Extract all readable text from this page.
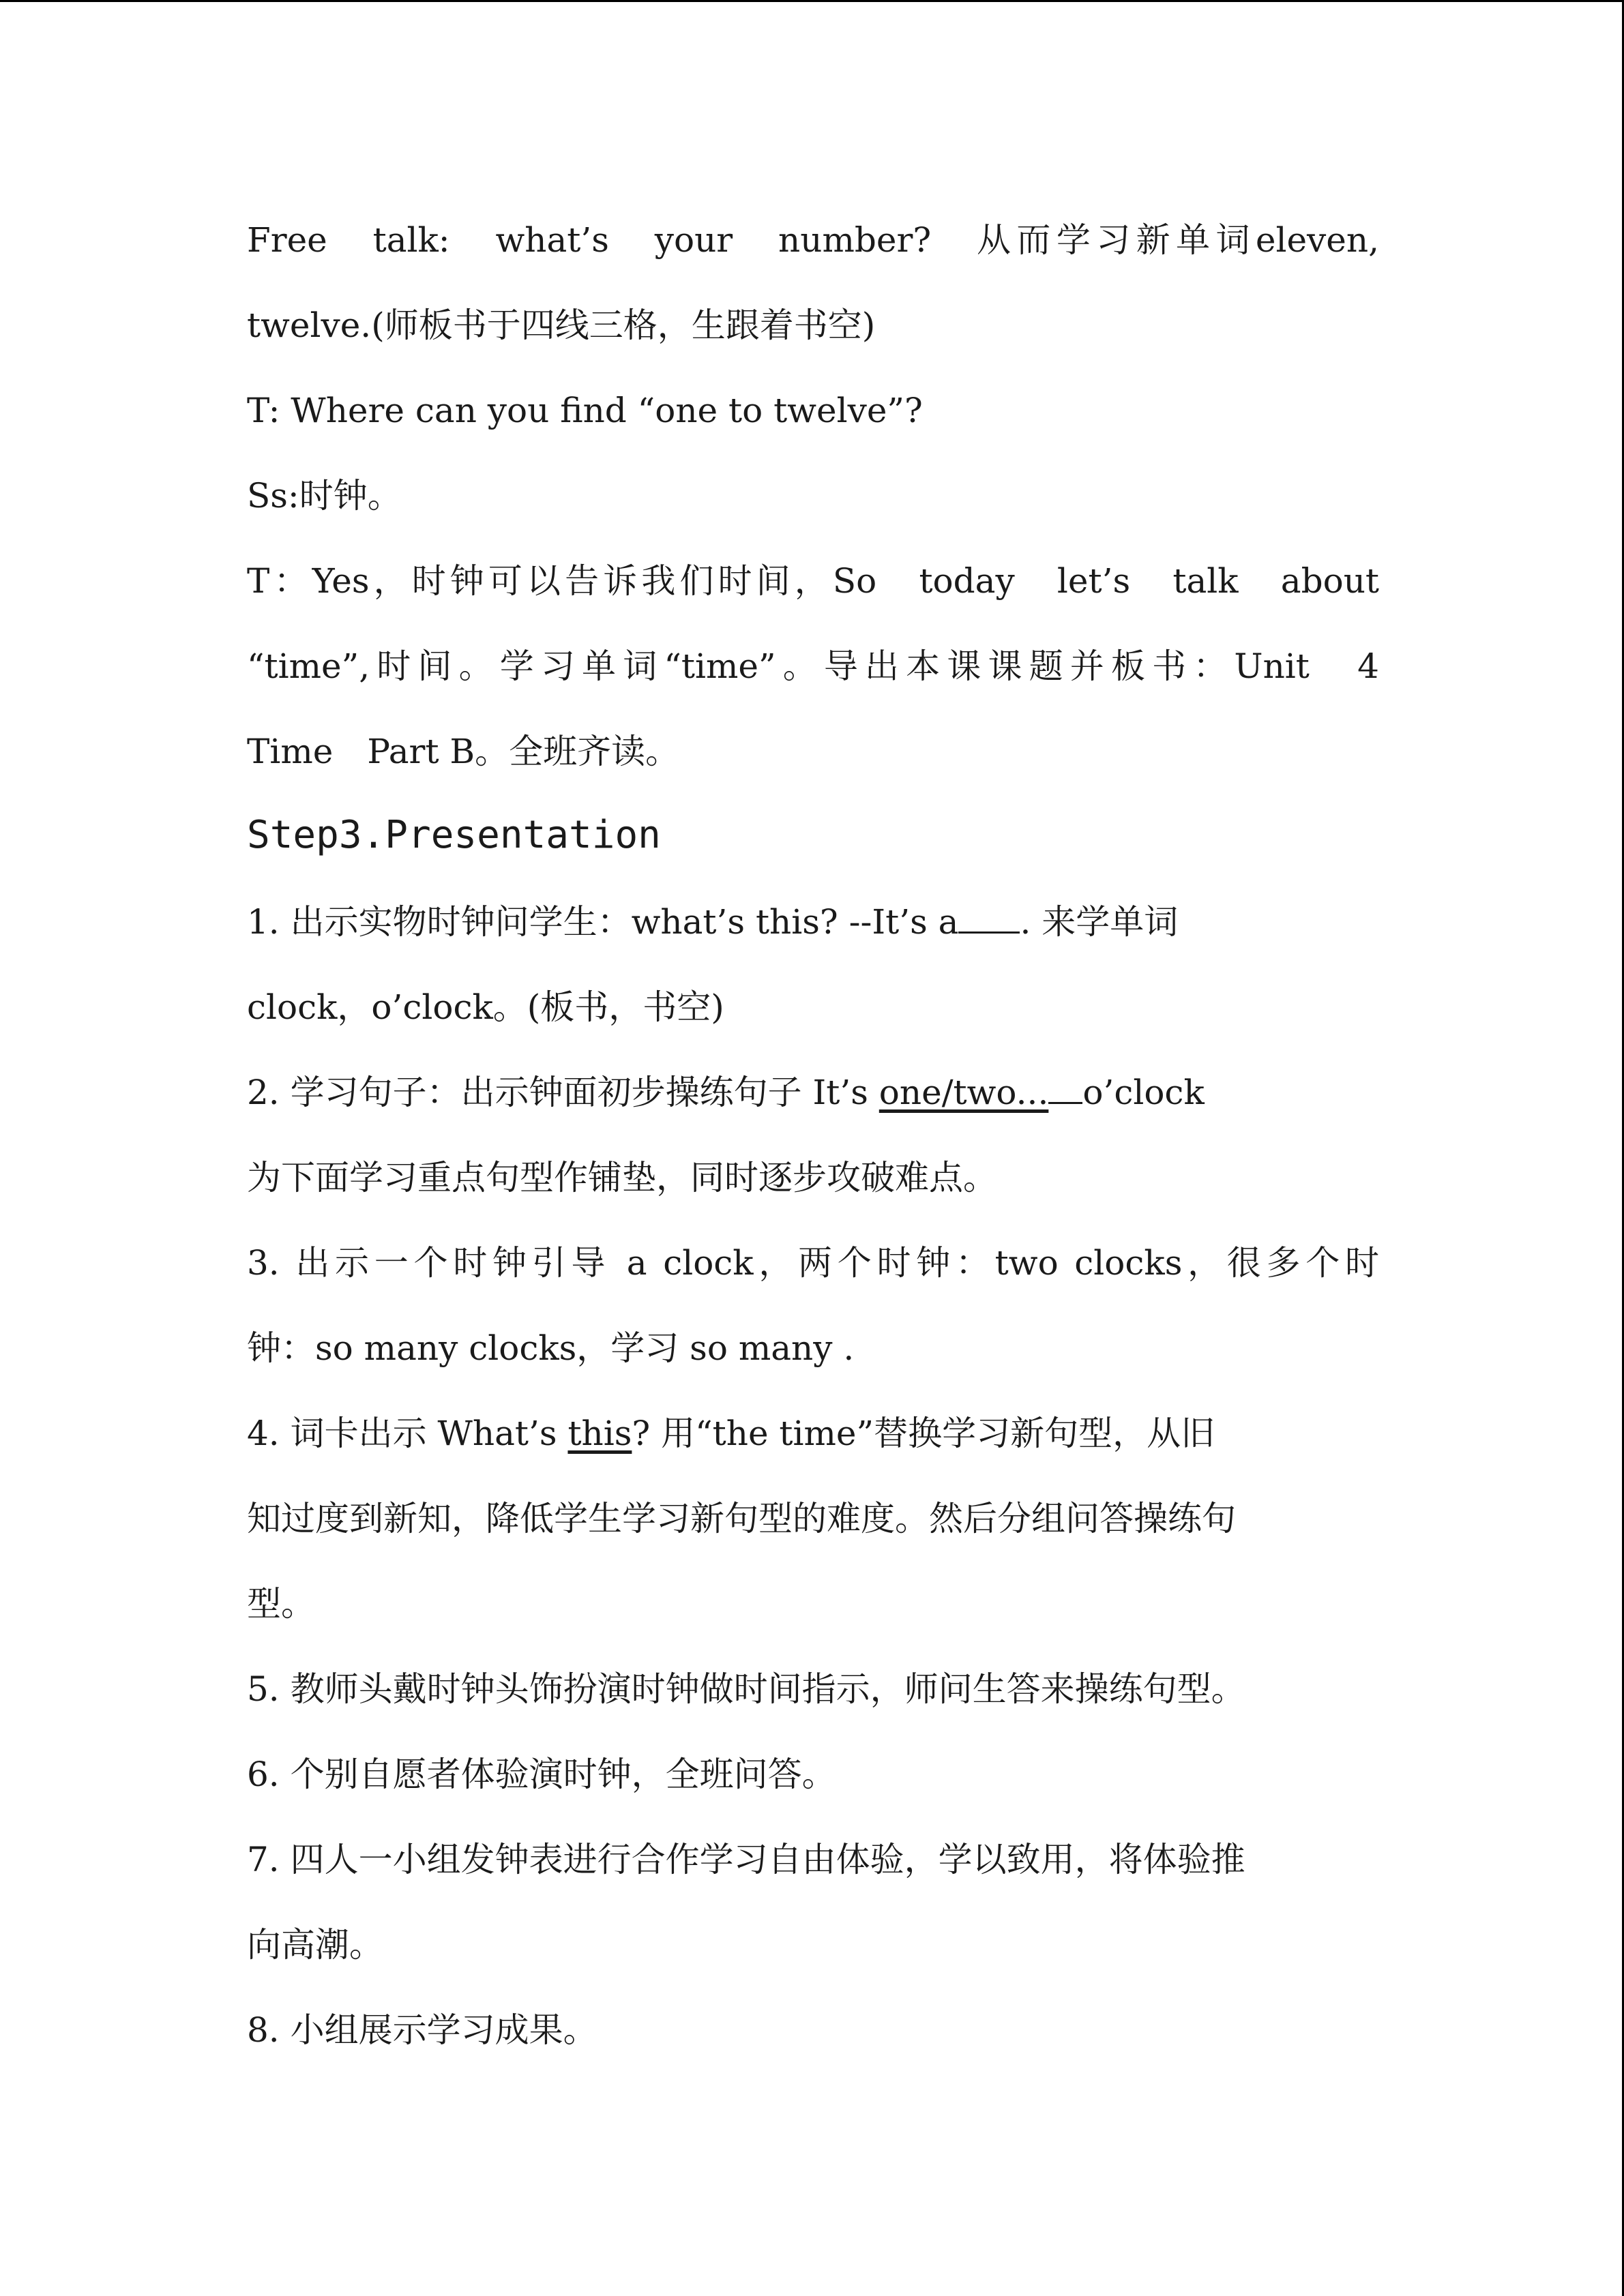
Free　talk:　what’s　your　number?　从而学习新单词eleven,
twelve.(师板书于四线三格，生跟着书空)
T: Where can you find “one to twelve”?
Ss:时钟。
T：Yes，时钟可以告诉我们时间，So　today　let’s　talk　about
“time”,时间。学习单词“time”。导出本课课题并板书：Unit　4
Time　Part B。全班齐读。
Step3.Presentation
1. 出示实物时钟问学生：what’s this? --It’s a . 来学单词
clock，o’clock。(板书，书空)
2. 学习句子：出示钟面初步操练句子 It’s one/two... o’clock
为下面学习重点句型作铺垫，同时逐步攻破难点。
3. 出示一个时钟引导 a clock，两个时钟：two clocks，很多个时
钟：so many clocks，学习 so many .
4. 词卡出示 What’s this? 用“the time”替换学习新句型，从旧
知过度到新知，降低学生学习新句型的难度。然后分组问答操练句
型。
5. 教师头戴时钟头饰扮演时钟做时间指示，师问生答来操练句型。
6. 个别自愿者体验演时钟，全班问答。
7. 四人一小组发钟表进行合作学习自由体验，学以致用，将体验推
向高潮。
8. 小组展示学习成果。
